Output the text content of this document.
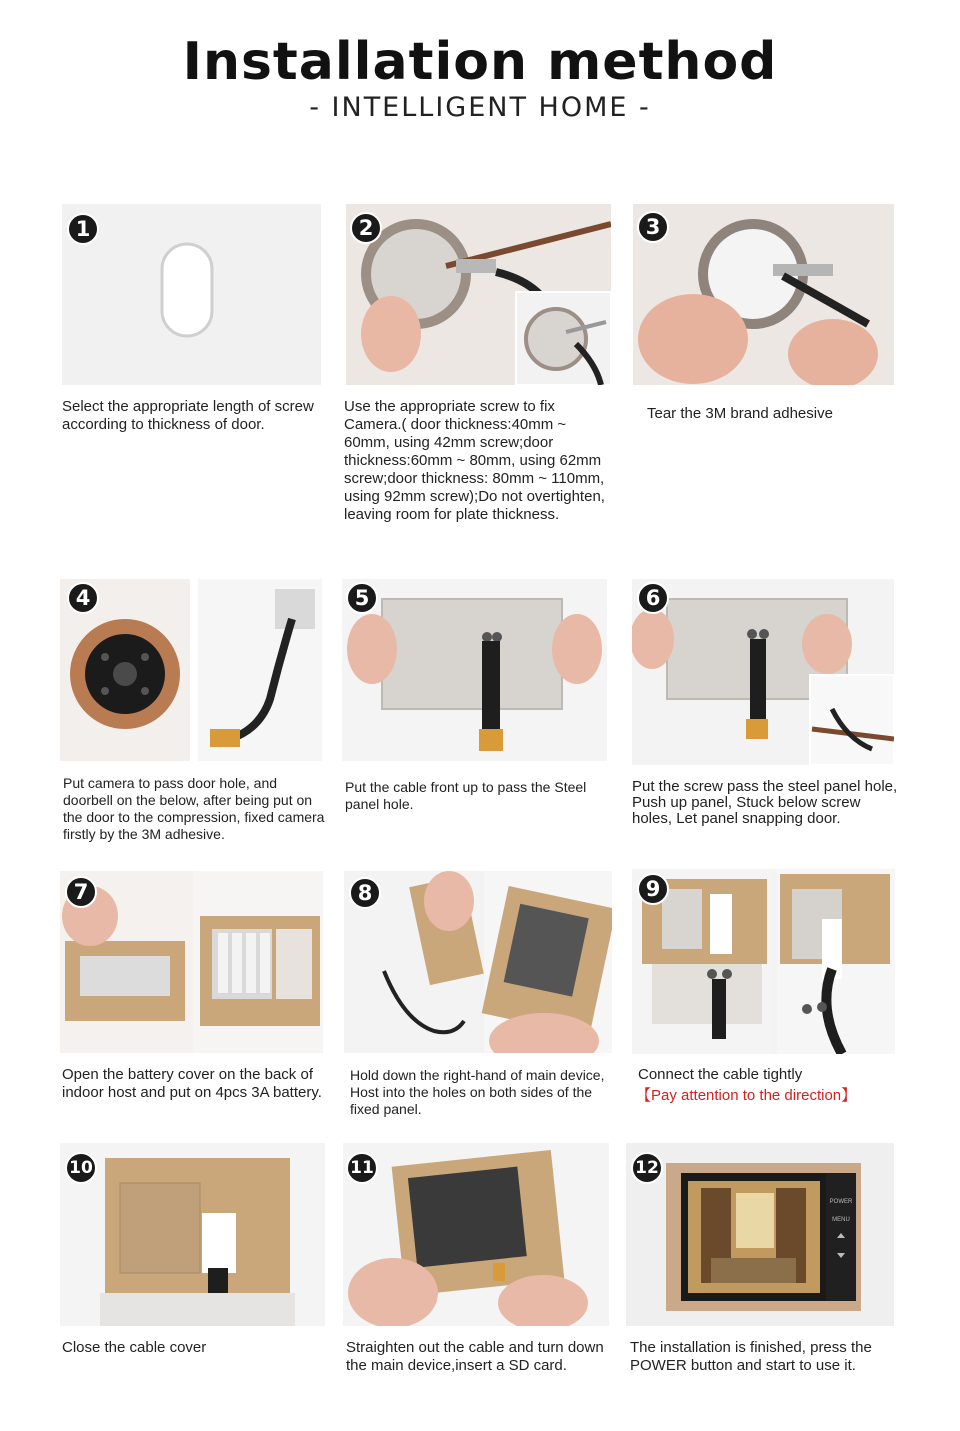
Installation method
- INTELLIGENT HOME -
1
Select the appropriate length of screw according to thickness of door.
2
Use the appropriate screw to fix Camera.( door thickness:40mm ~ 60mm, using 42mm screw;door thickness:60mm ~ 80mm, using 62mm screw;door thickness: 80mm ~ 110mm, using 92mm screw);Do not overtighten, leaving room for plate thickness.
3
Tear the 3M brand adhesive
4
Put camera to pass door hole, and doorbell on the below, after being put on the door to the compression, fixed camera firstly by the 3M adhesive.
5
Put the cable front up to pass the Steel panel hole.
6
Put the screw pass the steel panel hole, Push up panel, Stuck below screw holes, Let panel snapping door.
7
Open the battery cover on the back of indoor host and put on 4pcs 3A battery.
8
Hold down the right-hand of main device, Host into the holes on both sides of the fixed panel.
9
Connect the cable tightly
【Pay attention to the direction】
10
Close the cable cover
11
Straighten out the cable and turn down the main device,insert a SD card.
POWER
MENU
12
The installation is finished, press the POWER button and start to use it.
